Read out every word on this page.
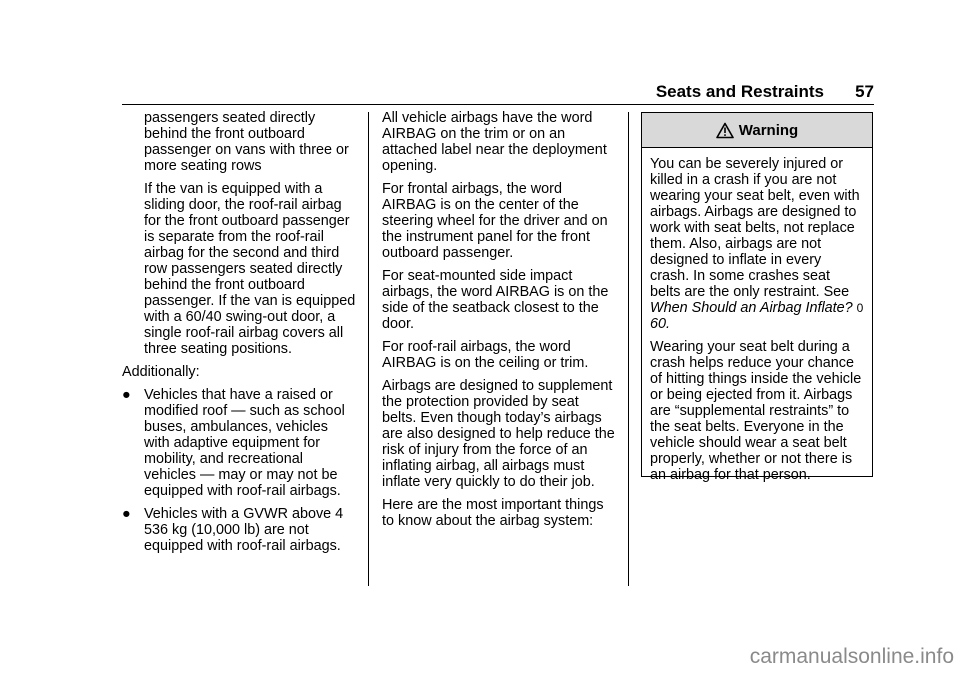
Seats and Restraints 57

passengers seated directly behind the front outboard passenger on vans with three or more seating rows

If the van is equipped with a sliding door, the roof-rail airbag for the front outboard passenger is separate from the roof-rail airbag for the second and third row passengers seated directly behind the front outboard passenger. If the van is equipped with a 60/40 swing-out door, a single roof-rail airbag covers all three seating positions.

Additionally:

● Vehicles that have a raised or modified roof — such as school buses, ambulances, vehicles with adaptive equipment for mobility, and recreational vehicles — may or may not be equipped with roof-rail airbags.

● Vehicles with a GVWR above 4 536 kg (10,000 lb) are not equipped with roof-rail airbags.

All vehicle airbags have the word AIRBAG on the trim or on an attached label near the deployment opening.

For frontal airbags, the word AIRBAG is on the center of the steering wheel for the driver and on the instrument panel for the front outboard passenger.

For seat-mounted side impact airbags, the word AIRBAG is on the side of the seatback closest to the door.

For roof-rail airbags, the word AIRBAG is on the ceiling or trim.

Airbags are designed to supplement the protection provided by seat belts. Even though today’s airbags are also designed to help reduce the risk of injury from the force of an inflating airbag, all airbags must inflate very quickly to do their job.

Here are the most important things to know about the airbag system:

Warning

You can be severely injured or killed in a crash if you are not wearing your seat belt, even with airbags. Airbags are designed to work with seat belts, not replace them. Also, airbags are not designed to inflate in every crash. In some crashes seat belts are the only restraint. See When Should an Airbag Inflate? 0 60.

Wearing your seat belt during a crash helps reduce your chance of hitting things inside the vehicle or being ejected from it. Airbags are “supplemental restraints” to the seat belts. Everyone in the vehicle should wear a seat belt properly, whether or not there is an airbag for that person.

carmanualsonline.info
